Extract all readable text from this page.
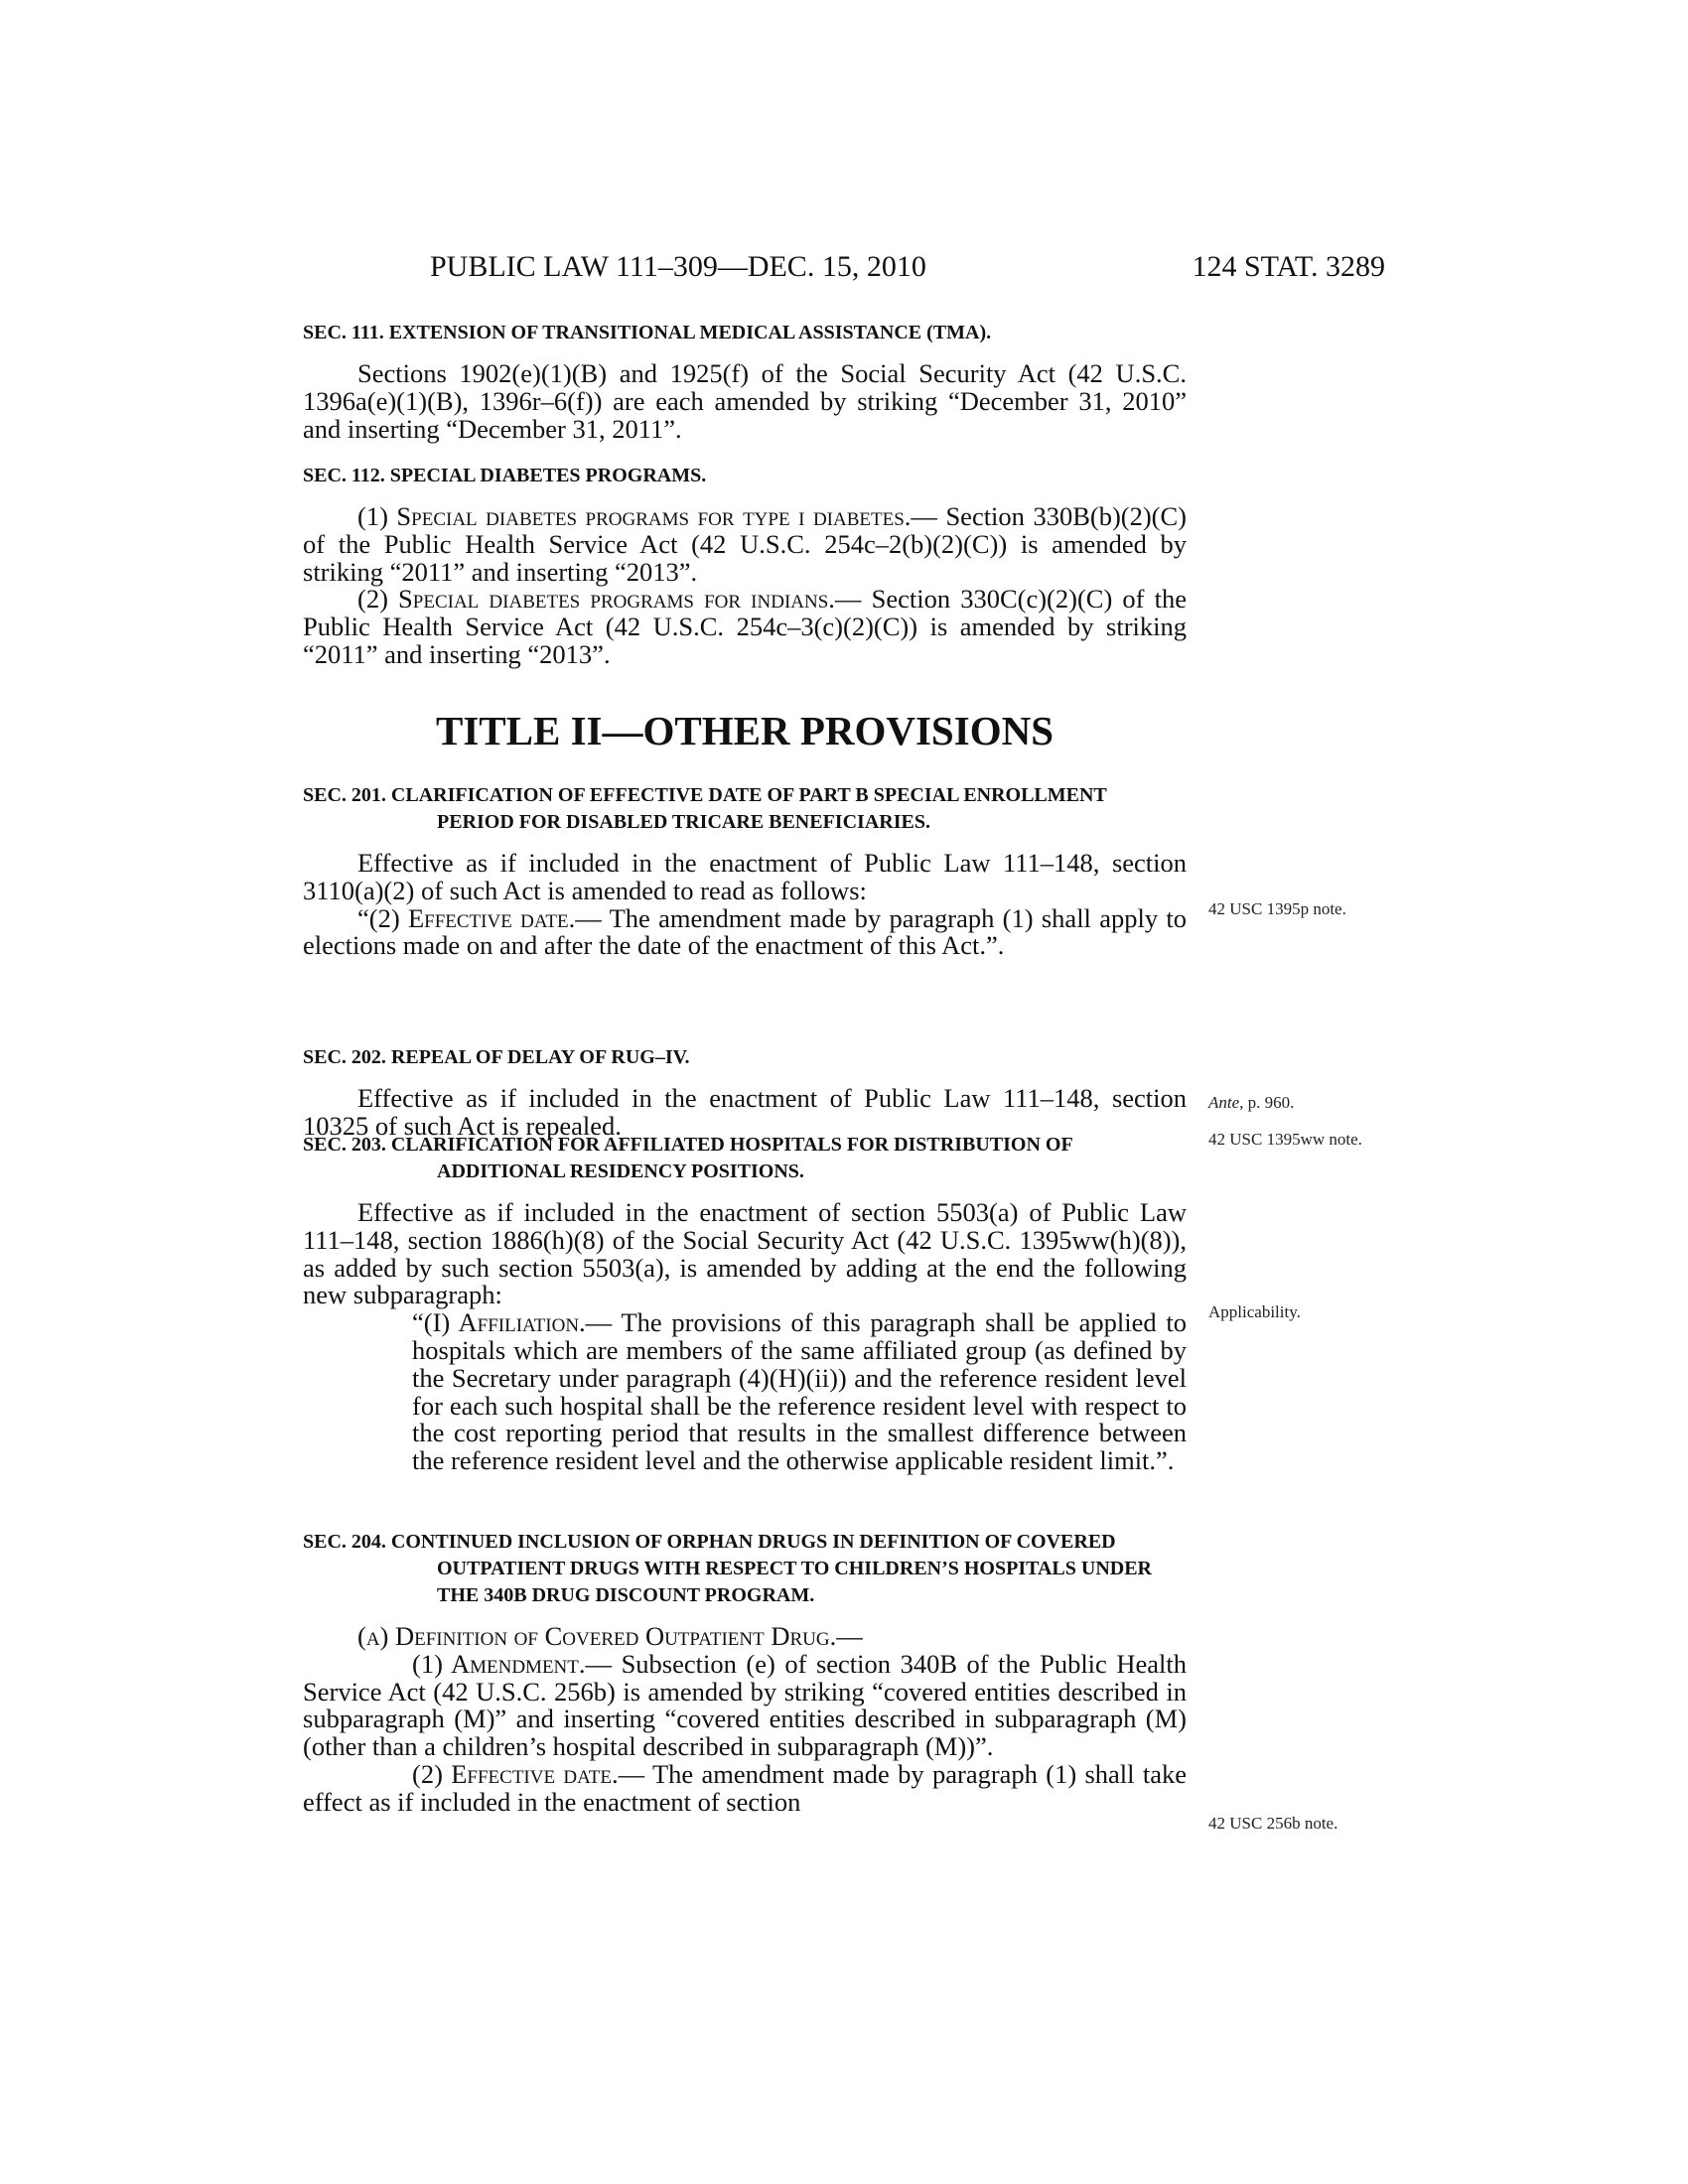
PUBLIC LAW 111–309—DEC. 15, 2010	124 STAT. 3289
SEC. 111. EXTENSION OF TRANSITIONAL MEDICAL ASSISTANCE (TMA).
Sections 1902(e)(1)(B) and 1925(f) of the Social Security Act (42 U.S.C. 1396a(e)(1)(B), 1396r–6(f)) are each amended by striking “December 31, 2010” and inserting “December 31, 2011”.
SEC. 112. SPECIAL DIABETES PROGRAMS.
(1) Special diabetes programs for type i diabetes.— Section 330B(b)(2)(C) of the Public Health Service Act (42 U.S.C. 254c–2(b)(2)(C)) is amended by striking “2011” and inserting “2013”.
(2) Special diabetes programs for indians.— Section 330C(c)(2)(C) of the Public Health Service Act (42 U.S.C. 254c–3(c)(2)(C)) is amended by striking “2011” and inserting “2013”.
TITLE II—OTHER PROVISIONS
SEC. 201. CLARIFICATION OF EFFECTIVE DATE OF PART B SPECIAL ENROLLMENT PERIOD FOR DISABLED TRICARE BENEFICIARIES.
Effective as if included in the enactment of Public Law 111–148, section 3110(a)(2) of such Act is amended to read as follows:
“(2) Effective date.— The amendment made by paragraph (1) shall apply to elections made on and after the date of the enactment of this Act.”.
SEC. 202. REPEAL OF DELAY OF RUG–IV.
Effective as if included in the enactment of Public Law 111–148, section 10325 of such Act is repealed.
SEC. 203. CLARIFICATION FOR AFFILIATED HOSPITALS FOR DISTRIBUTION OF ADDITIONAL RESIDENCY POSITIONS.
Effective as if included in the enactment of section 5503(a) of Public Law 111–148, section 1886(h)(8) of the Social Security Act (42 U.S.C. 1395ww(h)(8)), as added by such section 5503(a), is amended by adding at the end the following new subparagraph:
“(I) Affiliation.— The provisions of this paragraph shall be applied to hospitals which are members of the same affiliated group (as defined by the Secretary under paragraph (4)(H)(ii)) and the reference resident level for each such hospital shall be the reference resident level with respect to the cost reporting period that results in the smallest difference between the reference resident level and the otherwise applicable resident limit.”.
SEC. 204. CONTINUED INCLUSION OF ORPHAN DRUGS IN DEFINITION OF COVERED OUTPATIENT DRUGS WITH RESPECT TO CHILDREN’S HOSPITALS UNDER THE 340B DRUG DISCOUNT PROGRAM.
(a) Definition of Covered Outpatient Drug.—
(1) Amendment.— Subsection (e) of section 340B of the Public Health Service Act (42 U.S.C. 256b) is amended by striking “covered entities described in subparagraph (M)” and inserting “covered entities described in subparagraph (M) (other than a children’s hospital described in subparagraph (M))”.
(2) Effective date.— The amendment made by paragraph (1) shall take effect as if included in the enactment of section
42 USC 1395p note.
Ante, p. 960.
42 USC 1395ww note.
Applicability.
42 USC 256b note.
